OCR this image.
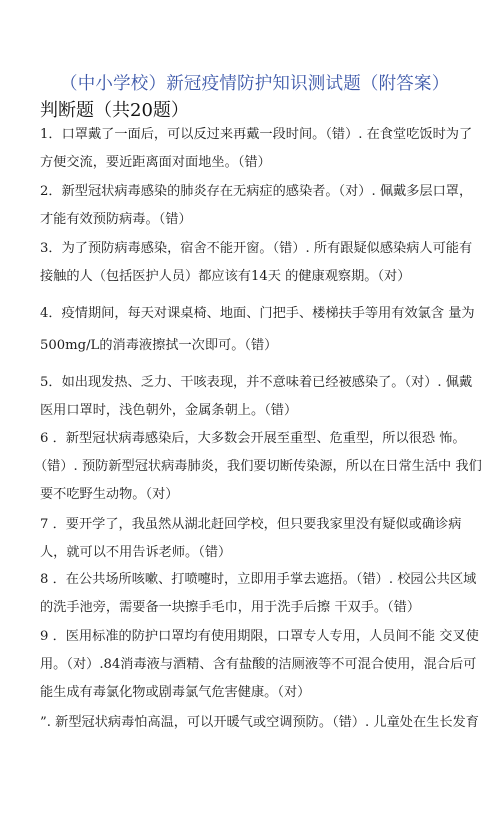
（中小学校）新冠疫情防护知识测试题（附答案）
判断题（共20题）
1．口罩戴了一面后，可以反过来再戴一段时间。（错）. 在食堂吃饭时为了
方便交流，要近距离面对面地坐。（错）
2．新型冠状病毒感染的肺炎存在无病症的感染者。（对）. 佩戴多层口罩，
才能有效预防病毒。（错）
3．为了预防病毒感染，宿舍不能开窗。（错）. 所有跟疑似感染病人可能有
接触的人（包括医护人员）都应该有14天 的健康观察期。（对）
4．疫情期间，每天对课桌椅、地面、门把手、楼梯扶手等用有效氯含 量为
500mg/L的消毒液擦拭一次即可。（错）
5．如出现发热、乏力、干咳表现，并不意味着已经被感染了。（对）. 佩戴
医用口罩时，浅色朝外，金属条朝上。（错）
6 ．新型冠状病毒感染后，大多数会开展至重型、危重型，所以很恐 怖。
（错）. 预防新型冠状病毒肺炎，我们要切断传染源，所以在日常生活中 我们
要不吃野生动物。（对）
7 ．要开学了，我虽然从湖北赶回学校，但只要我家里没有疑似或确诊病
人，就可以不用告诉老师。（错）
8 ．在公共场所咳嗽、打喷嚏时，立即用手掌去遮捂。（错）. 校园公共区域
的洗手池旁，需要备一块擦手毛巾，用于洗手后擦 干双手。（错）
9 ．医用标准的防护口罩均有使用期限，口罩专人专用，人员间不能 交叉使
用。（对）.84消毒液与酒精、含有盐酸的洁厕液等不可混合使用，混合后可
能生成有毒氯化物或剧毒氯气危害健康。（对）
”. 新型冠状病毒怕高温，可以开暖气或空调预防。（错）. 儿童处在生长发育
